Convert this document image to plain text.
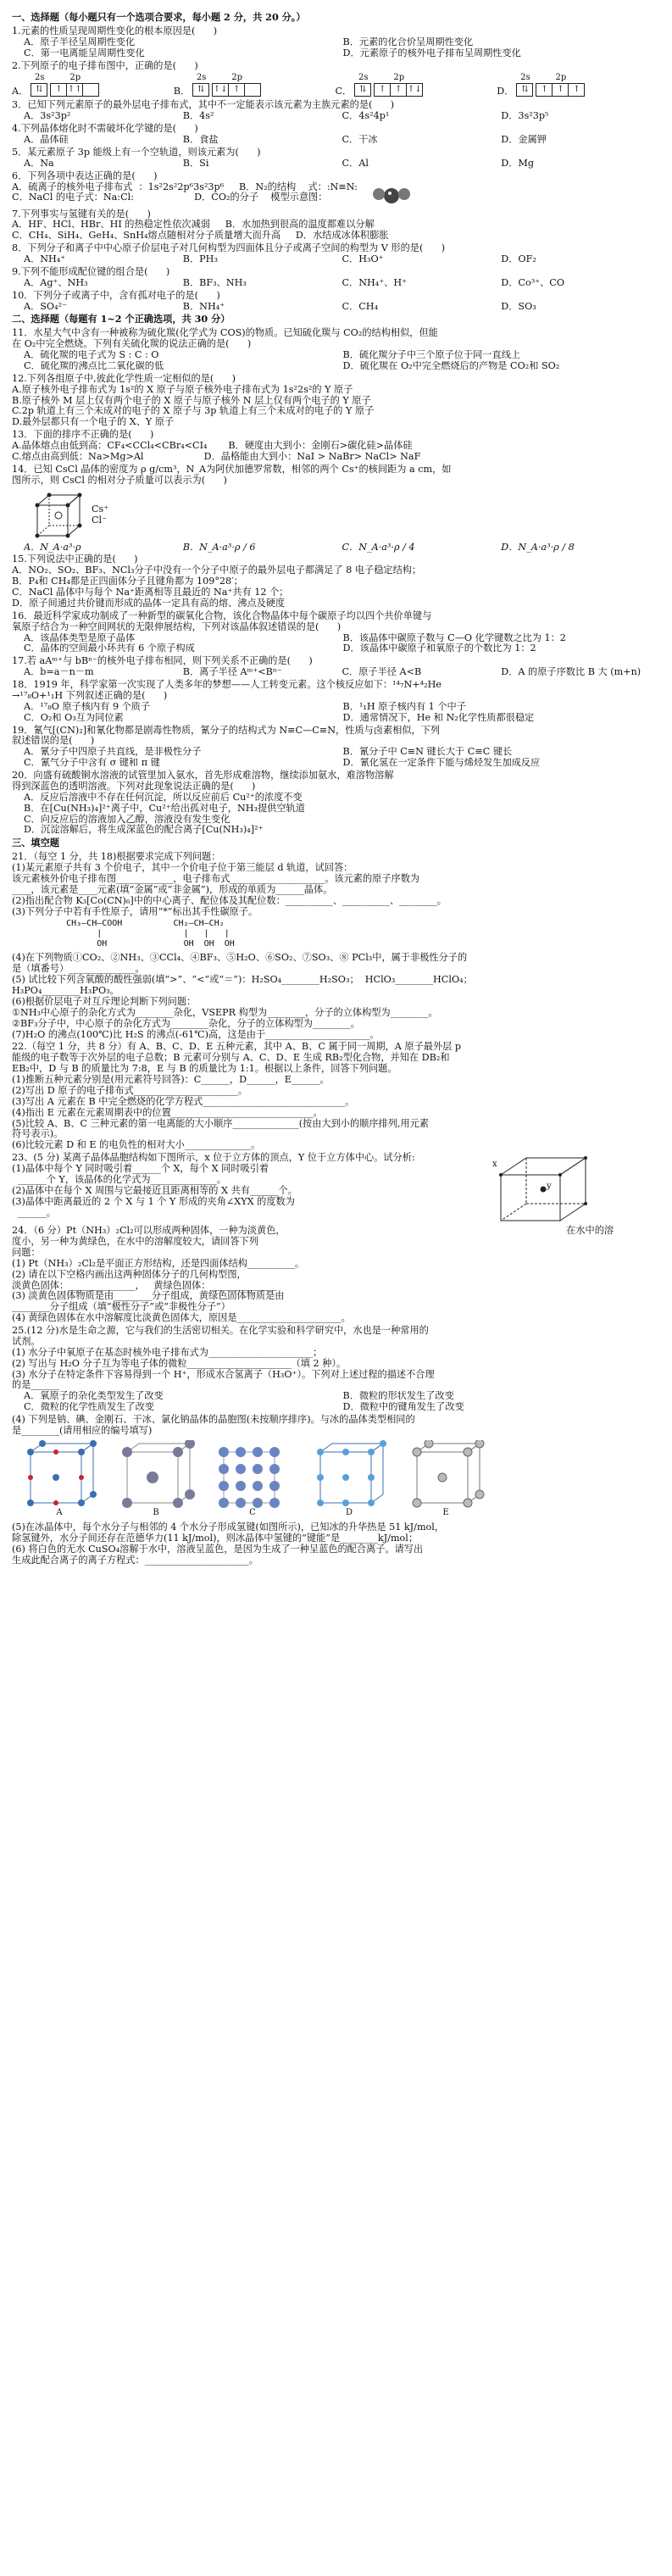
一、选择题（每小题只有一个选项合要求，每小题 2 分，共 20 分。）
1.元素的性质呈现周期性变化的根本原因是(      )
A．原子半径呈周期性变化	B．元素的化合价呈周期性变化
C．第一电离能呈周期性变化	D．元素原子的核外电子排布呈周期性变化
2.下列原子的电子排布图中，正确的是(      )
A．
2s
⇅
2p
↑ ↑↑	B．
2s
⇅
2p
↑↓ ↑	C．
2s
⇅
2p
↑	↑ ↑↓	D．
2s
⇅
2p
↑	↑	↑
3．已知下列元素原子的最外层电子排布式，其中不一定能表示该元素为主族元素的是(      )
A．3s²3p²	B．4s²	C．4s²4p¹	D．3s²3p⁵
4.下列晶体熔化时不需破坏化学键的是(      )
A．晶体硅	B．食盐	C．干冰	D．金属钾
5．某元素原子 3p 能级上有一个空轨道，则该元素为(      )
A．Na	B．Si	C．Al	D．Mg
6．下列各项中表达正确的是(      )
A．硫离子的核外电子排布式  ：1s²2s²2p⁶3s²3p⁶     B．N₂的结构    式：:N≡N:
C．NaCl 的电子式：Na:Cl:                    D．CO₂的分子    模型示意图：
7.下列事实与氢键有关的是(      )
A．HF、HCl、HBr、HI 的热稳定性依次减弱     B．水加热到很高的温度都难以分解
C．CH₄、SiH₄、GeH₄、SnH₄熔点随相对分子质量增大而升高     D．水结成冰体积膨胀
8．下列分子和离子中中心原子价层电子对几何构型为四面体且分子或离子空间的构型为 V 形的是(      )
A．NH₄⁺	B．PH₃	C．H₃O⁺	D．OF₂
9.下列不能形成配位键的组合是(      )
A．Ag⁺、NH₃	B．BF₃、NH₃	C．NH₄⁺、H⁺	D．Co³⁺、CO
10．下列分子或离子中，含有孤对电子的是(      )
A．SO₄²⁻	B．NH₄⁺	C．CH₄	D．SO₃
二、选择题（每题有 1~2 个正确选项，共 30 分）
11．水星大气中含有一种被称为硫化羰(化学式为 COS)的物质。已知硫化羰与 CO₂的结构相似，但能
在 O₂中完全燃烧。下列有关硫化羰的说法正确的是(      )
A．硫化羰的电子式为 S : C : O	B．硫化羰分子中三个原子位于同一直线上
C．硫化羰的沸点比二氧化碳的低	D．硫化羰在 O₂中完全燃烧后的产物是 CO₂和 SO₂
12.下列各组原子中,彼此化学性质一定相似的是(      )
A.原子核外电子排布式为 1s²的 X 原子与原子核外电子排布式为 1s²2s²的 Y 原子
B.原子核外 M 层上仅有两个电子的 X 原子与原子核外 N 层上仅有两个电子的 Y 原子
C.2p 轨道上有三个未成对的电子的 X 原子与 3p 轨道上有三个未成对的电子的 Y 原子
D.最外层都只有一个电子的 X、Y 原子
13．下面的排序不正确的是(      )
A.晶体熔点由低到高：CF₄<CCl₄<CBr₄<CI₄       B．硬度由大到小：金刚石>碳化硅>晶体硅
C.熔点由高到低：Na>Mg>Al                    D．晶格能由大到小：NaI > NaBr> NaCl> NaF
14．已知 CsCl 晶体的密度为 ρ g/cm³，N_A为阿伏加德罗常数，相邻的两个 Cs⁺的核间距为 a cm，如
图所示，则 CsCl 的相对分子质量可以表示为(      )
Cs⁺
Cl⁻
A．N_A·a³·ρ	B．N_A·a³·ρ / 6	C．N_A·a³·ρ / 4	D．N_A·a³·ρ / 8
15.下列说法中正确的是(      )
A．NO₂、SO₂、BF₃、NCl₃分子中没有一个分子中原子的最外层电子都满足了 8 电子稳定结构；
B．P₄和 CH₄都是正四面体分子且键角都为 109°28′；
C．NaCl 晶体中与每个 Na⁺距离相等且最近的 Na⁺共有 12 个；
D．原子间通过共价键而形成的晶体一定具有高的熔、沸点及硬度
16．最近科学家成功制成了一种新型的碳氧化合物，该化合物晶体中每个碳原子均以四个共价单键与
氧原子结合为一种空间网状的无限伸展结构，下列对该晶体叙述错误的是(      )
A．该晶体类型是原子晶体	B．该晶体中碳原子数与 C—O 化学键数之比为 1：2
C．晶体的空间最小环共有 6 个原子构成	D．该晶体中碳原子和氧原子的个数比为 1：2
17.若 aAᵐ⁺与 bBⁿ⁻的核外电子排布相同，则下列关系不正确的是(      )
A．b=a－n－m	B．离子半径 Aᵐ⁺<Bⁿ⁻	C．原子半径 A<B	D．A 的原子序数比 B 大 (m+n)
18．1919 年，科学家第一次实现了人类多年的梦想——人工转变元素。这个核反应如下：¹⁴₇N+⁴₂He
→¹⁷₈O+¹₁H 下列叙述正确的是(      )
A．¹⁷₈O 原子核内有 9 个质子	B．¹₁H 原子核内有 1 个中子
C．O₂和 O₃互为同位素	D．通常情况下，He 和 N₂化学性质都很稳定
19．氰气[(CN)₂]和氰化物都是剧毒性物质，氰分子的结构式为 N≡C—C≡N，性质与卤素相似，下列
叙述错误的是(      )
A．氰分子中四原子共直线，是非极性分子	B．氰分子中 C≡N 键长大于 C≡C 键长
C．氰气分子中含有 σ 键和 π 键	D．氰化氢在一定条件下能与烯烃发生加成反应
20．向盛有硫酸铜水溶液的试管里加入氨水，首先形成难溶物，继续添加氨水，难溶物溶解
得到深蓝色的透明溶液。下列对此现象说法正确的是(      )
A．反应后溶液中不存在任何沉淀，所以反应前后 Cu²⁺的浓度不变
B．在[Cu(NH₃)₄]²⁺离子中，Cu²⁺给出孤对电子，NH₃提供空轨道
C．向反应后的溶液加入乙醇，溶液没有发生变化
D．沉淀溶解后，将生成深蓝色的配合离子[Cu(NH₃)₄]²⁺
三、填空题
21．（每空 1 分，共 18)根据要求完成下列问题：
(1)某元素原子共有 3 个价电子，其中一个价电子位于第三能层 d 轨道，试回答：
该元素核外价电子排布图____________，电子排布式____________________。该元素的原子序数为
____，该元素是____元素(填“金属”或“非金属”)，形成的单质为______晶体。
(2)指出配合物 K₃[Co(CN)₆]中的中心离子、配位体及其配位数：__________、__________、________。
(3)下列分子中若有手性原子，请用“*”标出其手性碳原子。
CH₃—CH—COOH          CH₂—CH—CH₂
|                |   |   |
OH               OH  OH  OH
(4)在下列物质①CO₂、②NH₃、③CCl₄、④BF₃、⑤H₂O、⑥SO₂、⑦SO₃、⑧ PCl₃中，属于非极性分子的
是（填番号）______________。
(5) 试比较下列含氧酸的酸性强弱(填“>”、“<”或“＝”)：H₂SO₄________H₂SO₃；  HClO₃________HClO₄；
H₃PO₄________H₃PO₃。
(6)根据价层电子对互斥理论判断下列问题：
①NH₃中心原子的杂化方式为________杂化，VSEPR 构型为________，分子的立体构型为________。
②BF₃分子中，中心原子的杂化方式为________杂化，分子的立体构型为________。
(7)H₂O 的沸点(100℃)比 H₂S 的沸点(-61℃)高，这是由于______________________。
22.（每空 1 分，共 8 分）有 A、B、C、D、E 五种元素，其中 A、B、C 属于同一周期，A 原子最外层 p
能级的电子数等于次外层的电子总数；B 元素可分别与 A、C、D、E 生成 RB₂型化合物，并知在 DB₂和
EB₂中，D 与 B 的质量比为 7:8，E 与 B 的质量比为 1:1。根据以上条件，回答下列问题。
(1)推断五种元素分别是(用元素符号回答)：C______，D______，E______。
(2)写出 D 原子的电子排布式______________________。
(3)写出 A 元素在 B 中完全燃烧的化学方程式______________________________。
(4)指出 E 元素在元素周期表中的位置______________________________。
(5)比较 A、B、C 三种元素的第一电离能的大小顺序______________(按由大到小的顺序排列,用元素
符号表示)。
(6)比较元素 D 和 E 的电负性的相对大小______________。
23、(5 分) 某离子晶体晶胞结构如下图所示，x 位于立方体的顶点，Y 位于立方体中心。试分析:
(1)晶体中每个 Y 同时吸引着______个 X，每个 X 同时吸引着
______个 Y，该晶体的化学式为______________。
(2)晶体中在每个 X 周围与它最接近且距离相等的 X 共有______个。
(3)晶体中距离最近的 2 个 X 与 1 个 Y 形成的夹角∠XYX 的度数为
______。
x
y
24．（6 分）Pt（NH₃）₂Cl₂可以形成两种固体，一种为淡黄色，	在水中的溶
度小，另一种为黄绿色，在水中的溶解度较大，请回答下列
问题：
(1) Pt（NH₃）₂Cl₂是平面正方形结构，还是四面体结构__________。
(2) 请在以下空格内画出这两种固体分子的几何构型图，
淡黄色固体：______________，   黄绿色固体：______________
(3) 淡黄色固体物质是由________分子组成，黄绿色固体物质是由
________分子组成（填“极性分子”或“非极性分子”）
(4) 黄绿色固体在水中溶解度比淡黄色固体大，原因是______________________。
25.(12 分)水是生命之源，它与我们的生活密切相关。在化学实验和科学研究中，水也是一种常用的
试剂。
(1) 水分子中氧原子在基态时核外电子排布式为______________________；
(2) 写出与 H₂O 分子互为等电子体的微粒______________________（填 2 种）。
(3) 水分子在特定条件下容易得到一个 H⁺，形成水合氢离子（H₃O⁺）。下列对上述过程的描述不合理
的是______
A．氧原子的杂化类型发生了改变	B．微粒的形状发生了改变
C．微粒的化学性质发生了改变	D．微粒中的键角发生了改变
(4) 下列是钠、碘、金刚石、干冰、氯化钠晶体的晶胞图(未按顺序排序)。与冰的晶体类型相同的
是________(请用相应的编号填写)
A	B	C	D	E
(5)在冰晶体中，每个水分子与相邻的 4 个水分子形成氢键(如图所示)，已知冰的升华热是 51 kJ/mol，
除氢键外，水分子间还存在范德华力(11 kJ/mol)，则冰晶体中氢键的“键能”是________kJ/mol；
(6) 将白色的无水 CuSO₄溶解于水中，溶液呈蓝色，是因为生成了一种呈蓝色的配合离子。请写出
生成此配合离子的离子方程式：______________________。
